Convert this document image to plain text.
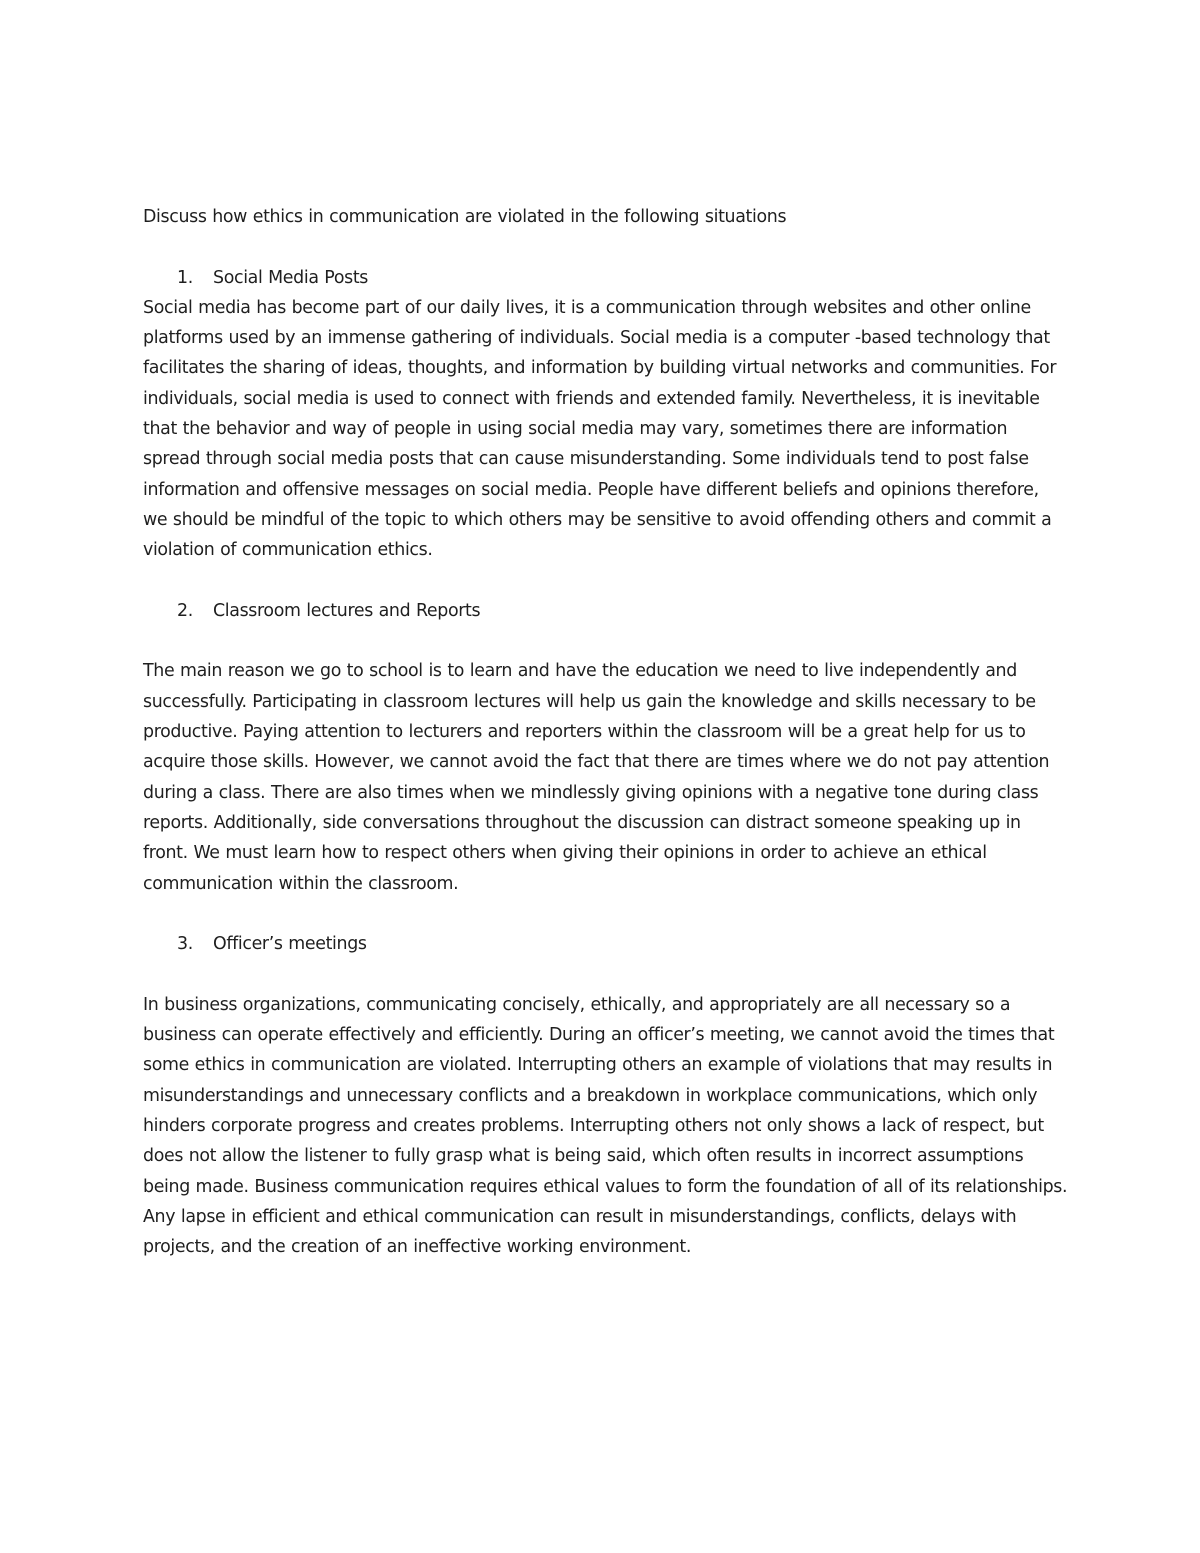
Discuss how ethics in communication are violated in the following situations

1.	Social Media Posts

Social media has become part of our daily lives, it is a communication through websites and other online platforms used by an immense gathering of individuals. Social media is a computer -based technology that facilitates the sharing of ideas, thoughts, and information by building virtual networks and communities. For individuals, social media is used to connect with friends and extended family. Nevertheless, it is inevitable that the behavior and way of people in using social media may vary, sometimes there are information spread through social media posts that can cause misunderstanding. Some individuals tend to post false information and offensive messages on social media. People have different beliefs and opinions therefore, we should be mindful of the topic to which others may be sensitive to avoid offending others and commit a violation of communication ethics.

2.	Classroom lectures and Reports

The main reason we go to school is to learn and have the education we need to live independently and successfully. Participating in classroom lectures will help us gain the knowledge and skills necessary to be productive. Paying attention to lecturers and reporters within the classroom will be a great help for us to acquire those skills. However, we cannot avoid the fact that there are times where we do not pay attention during a class. There are also times when we mindlessly giving opinions with a negative tone during class reports. Additionally, side conversations throughout the discussion can distract someone speaking up in front. We must learn how to respect others when giving their opinions in order to achieve an ethical communication within the classroom.

3.	Officer’s meetings

In business organizations, communicating concisely, ethically, and appropriately are all necessary so a business can operate effectively and efficiently. During an officer’s meeting, we cannot avoid the times that some ethics in communication are violated. Interrupting others an example of violations that may results in misunderstandings and unnecessary conflicts and a breakdown in workplace communications, which only hinders corporate progress and creates problems. Interrupting others not only shows a lack of respect, but does not allow the listener to fully grasp what is being said, which often results in incorrect assumptions being made. Business communication requires ethical values to form the foundation of all of its relationships. Any lapse in efficient and ethical communication can result in misunderstandings, conflicts, delays with projects, and the creation of an ineffective working environment.
